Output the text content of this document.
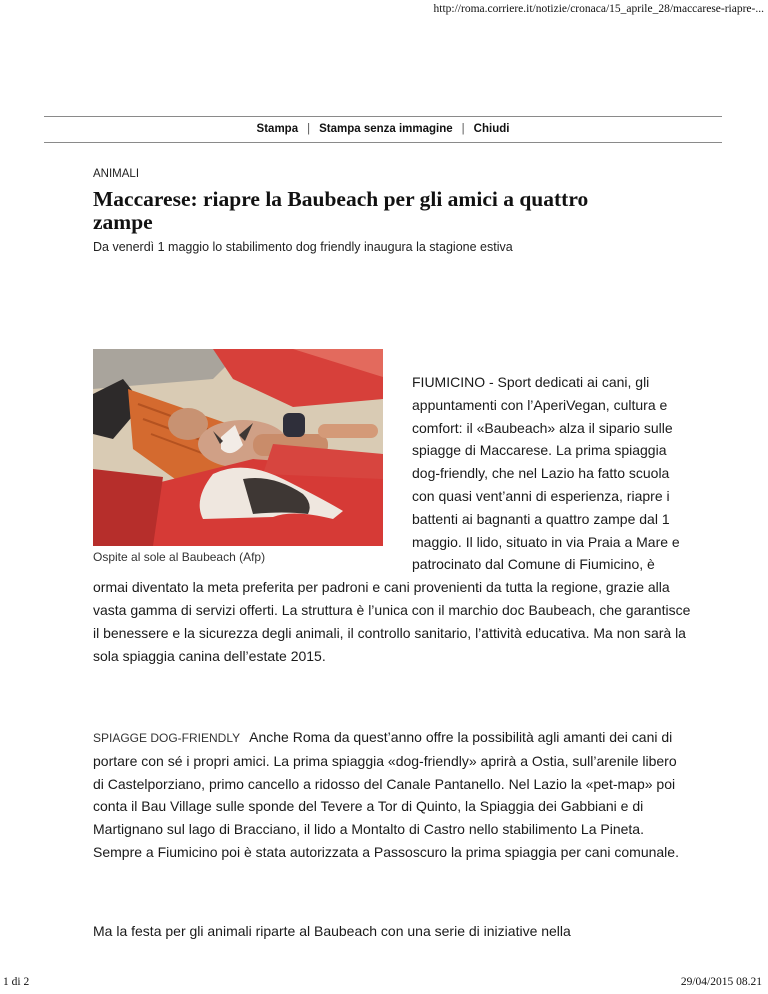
http://roma.corriere.it/notizie/cronaca/15_aprile_28/maccarese-riapre-...
Stampa | Stampa senza immagine | Chiudi
ANIMALI
Maccarese: riapre la Baubeach per gli amici a quattro zampe
Da venerdì 1 maggio lo stabilimento dog friendly inaugura la stagione estiva
Ospite al sole al Baubeach (Afp)

FIUMICINO - Sport dedicati ai cani, gli appuntamenti con l’AperiVegan, cultura e comfort: il «Baubeach» alza il sipario sulle spiagge di Maccarese. La prima spiaggia dog-friendly, che nel Lazio ha fatto scuola con quasi vent’anni di esperienza, riapre i battenti ai bagnanti a quattro zampe dal 1 maggio. Il lido, situato in via Praia a Mare e patrocinato dal Comune di Fiumicino, è ormai diventato la meta preferita per padroni e cani provenienti da tutta la regione, grazie alla vasta gamma di servizi offerti. La struttura è l’unica con il marchio doc Baubeach, che garantisce il benessere e la sicurezza degli animali, il controllo sanitario, l’attività educativa. Ma non sarà la sola spiaggia canina dell’estate 2015.

SPIAGGE DOG-FRIENDLY Anche Roma da quest’anno offre la possibilità agli amanti dei cani di portare con sé i propri amici. La prima spiaggia «dog-friendly» aprirà a Ostia, sull’arenile libero di Castelporziano, primo cancello a ridosso del Canale Pantanello. Nel Lazio la «pet-map» poi conta il Bau Village sulle sponde del Tevere a Tor di Quinto, la Spiaggia dei Gabbiani e di Martignano sul lago di Bracciano, il lido a Montalto di Castro nello stabilimento La Pineta. Sempre a Fiumicino poi è stata autorizzata a Passoscuro la prima spiaggia per cani comunale.

Ma la festa per gli animali riparte al Baubeach con una serie di iniziative nella

1 di 2	29/04/2015 08.21
